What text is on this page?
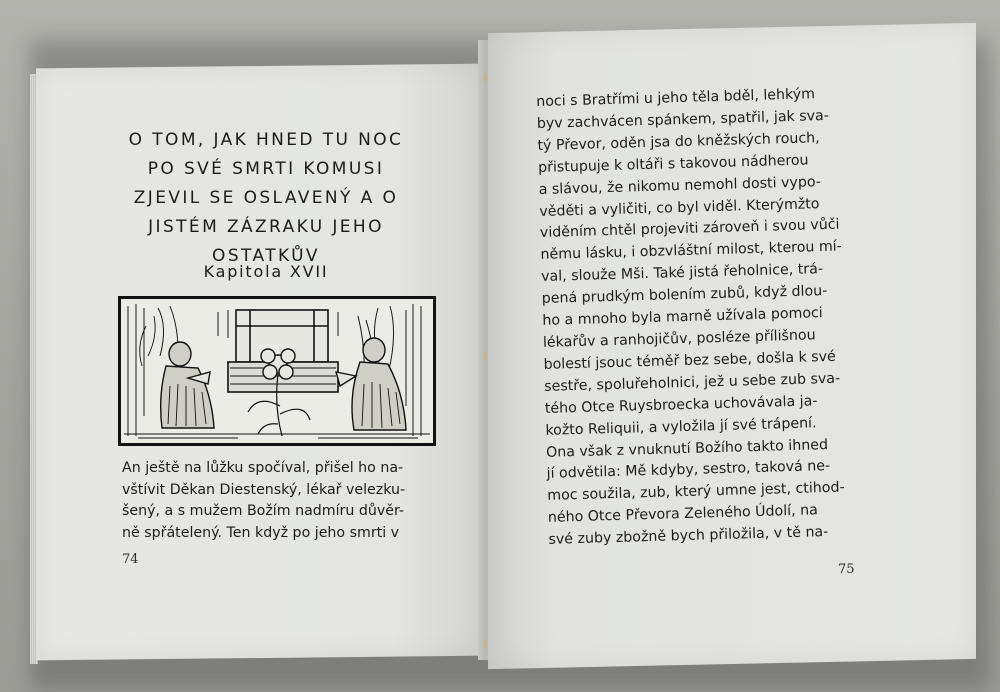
O TOM, JAK HNED TU NOC
PO SVÉ SMRTI KOMUSI
ZJEVIL SE OSLAVENÝ A O
JISTÉM ZÁZRAKU JEHO
OSTATKŮV
Kapitola XVII
An ještě na lůžku spočíval, přišel ho na-
vštívit Děkan Diestenský, lékař velezku-
šený, a s mužem Božím nadmíru důvěr-
ně spřátelený. Ten když po jeho smrti v
74
noci s Bratřími u jeho těla bděl, lehkým
byv zachvácen spánkem, spatřil, jak sva-
tý Převor, oděn jsa do kněžských rouch,
přistupuje k oltáři s takovou nádherou
a slávou, že nikomu nemohl dosti vypo-
věděti a vyličiti, co byl viděl. Kterýmžto
viděním chtěl projeviti zároveň i svou vůči
němu lásku, i obzvláštní milost, kterou mí-
val, slouže Mši. Také jistá řeholnice, trá-
pená prudkým bolením zubů, když dlou-
ho a mnoho byla marně užívala pomoci
lékařův a ranhojičův, posléze přílišnou
bolestí jsouc téměř bez sebe, došla k své
sestře, spoluřeholnici, jež u sebe zub sva-
tého Otce Ruysbroecka uchovávala ja-
kožto Reliquii, a vyložila jí své trápení.
Ona však z vnuknutí Božího takto ihned
jí odvětila: Mě kdyby, sestro, taková ne-
moc soužila, zub, který umne jest, ctihod-
ného Otce Převora Zeleného Údolí, na
své zuby zbožně bych přiložila, v tě na-
75
